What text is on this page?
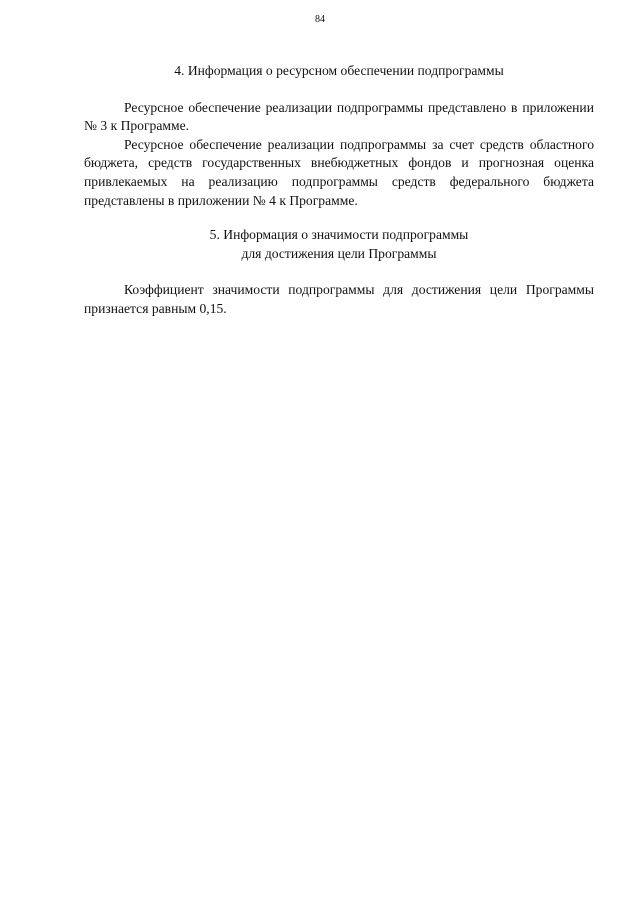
84

4. Информация о ресурсном обеспечении подпрограммы

Ресурсное обеспечение реализации подпрограммы представлено в приложении № 3 к Программе.

Ресурсное обеспечение реализации подпрограммы за счет средств областного бюджета, средств государственных внебюджетных фондов и прогнозная оценка привлекаемых на реализацию подпрограммы средств федерального бюджета представлены в приложении № 4 к Программе.

5. Информация о значимости подпрограммы
для достижения цели Программы

Коэффициент значимости подпрограммы для достижения цели Программы признается равным 0,15.
